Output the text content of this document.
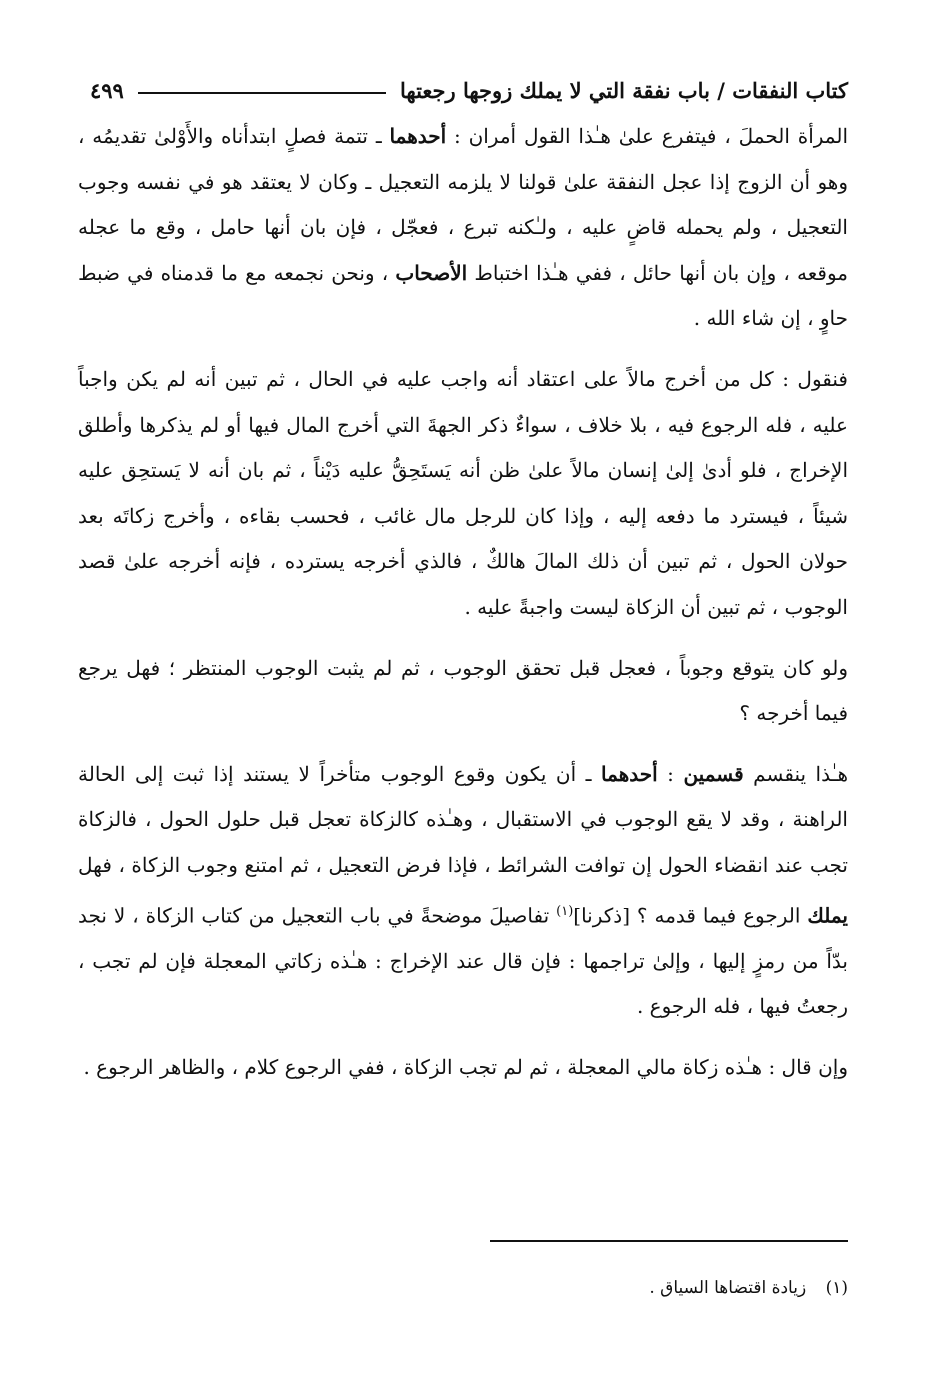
كتاب النفقات / باب نفقة التي لا يملك زوجها رجعتها
٤٩٩

المرأة الحملَ ، فيتفرع علىٰ هـٰذا القول أمران : أحدهما ـ تتمة فصلٍ ابتدأناه والأَوْلىٰ تقديمُه ، وهو أن الزوج إذا عجل النفقة علىٰ قولنا لا يلزمه التعجيل ـ وكان لا يعتقد هو في نفسه وجوب التعجيل ، ولم يحمله قاضٍ عليه ، ولـٰكنه تبرع ، فعجّل ، فإن بان أنها حامل ، وقع ما عجله موقعه ، وإن بان أنها حائل ، ففي هـٰذا اختباط الأصحاب ، ونحن نجمعه مع ما قدمناه في ضبط حاوٍ ، إن شاء الله .

فنقول : كل من أخرج مالاً على اعتقاد أنه واجب عليه في الحال ، ثم تبين أنه لم يكن واجباً عليه ، فله الرجوع فيه ، بلا خلاف ، سواءٌ ذكر الجهةَ التي أخرج المال فيها أو لم يذكرها وأطلق الإخراج ، فلو أدىٰ إلىٰ إنسان مالاً علىٰ ظن أنه يَستَحِقُّ عليه دَيْناً ، ثم بان أنه لا يَستحِق عليه شيئاً ، فيسترد ما دفعه إليه ، وإذا كان للرجل مال غائب ، فحسب بقاءه ، وأخرج زكاتَه بعد حولان الحول ، ثم تبين أن ذلك المالَ هالكٌ ، فالذي أخرجه يسترده ، فإنه أخرجه علىٰ قصد الوجوب ، ثم تبين أن الزكاة ليست واجبةً عليه .

ولو كان يتوقع وجوباً ، فعجل قبل تحقق الوجوب ، ثم لم يثبت الوجوب المنتظر ؛ فهل يرجع فيما أخرجه ؟

هـٰذا ينقسم قسمين : أحدهما ـ أن يكون وقوع الوجوب متأخراً لا يستند إذا ثبت إلى الحالة الراهنة ، وقد لا يقع الوجوب في الاستقبال ، وهـٰذه كالزكاة تعجل قبل حلول الحول ، فالزكاة تجب عند انقضاء الحول إن توافت الشرائط ، فإذا فرض التعجيل ، ثم امتنع وجوب الزكاة ، فهل يملك الرجوع فيما قدمه ؟ [ذكرنا]$^{(١)}$ تفاصيلَ موضحةً في باب التعجيل من كتاب الزكاة ، لا نجد بدّاً من رمزٍ إليها ، وإلىٰ تراجمها : فإن قال عند الإخراج : هـٰذه زكاتي المعجلة فإن لم تجب ، رجعتُ فيها ، فله الرجوع .

وإن قال : هـٰذه زكاة مالي المعجلة ، ثم لم تجب الزكاة ، ففي الرجوع كلام ، والظاهر الرجوع .

(١) زيادة اقتضاها السياق .
